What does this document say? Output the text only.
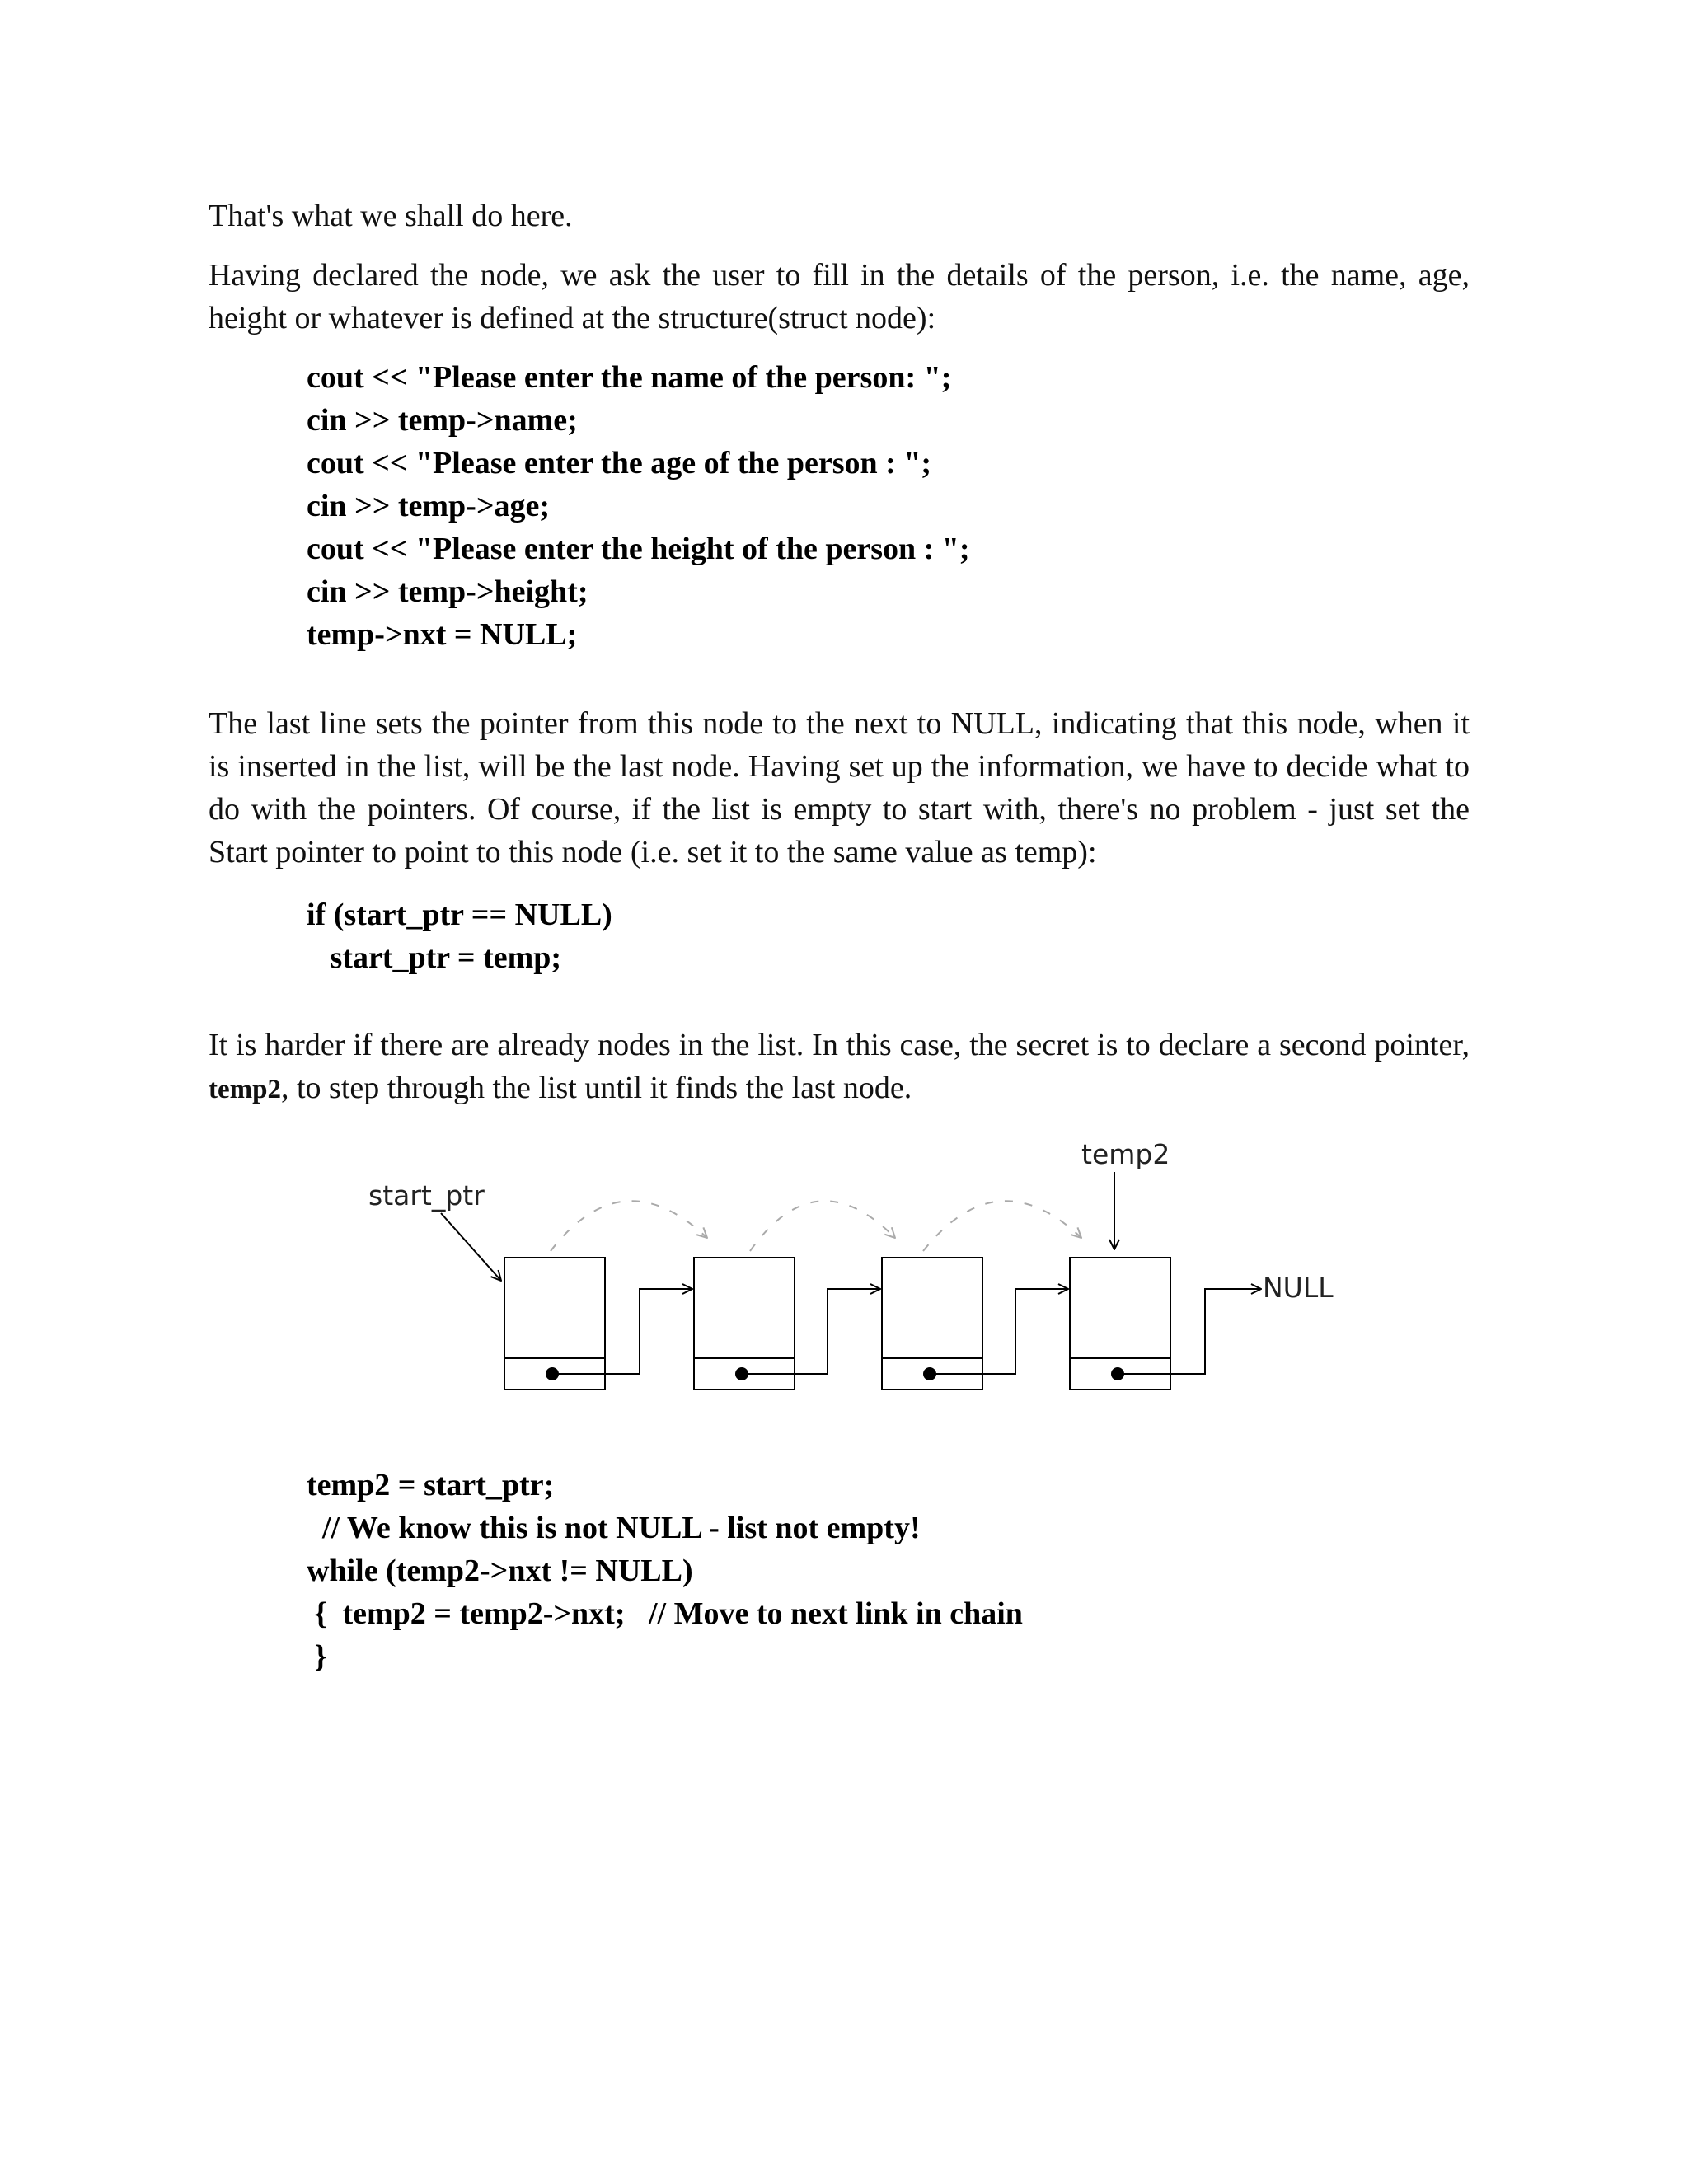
That's what we shall do here.

Having declared the node, we ask the user to fill in the details of the person, i.e. the name, age, height or whatever is defined at the structure(struct node):

cout << "Please enter the name of the person: ";
cin >> temp->name;
cout << "Please enter the age of the person : ";
cin >> temp->age;
cout << "Please enter the height of the person : ";
cin >> temp->height;
temp->nxt = NULL;

The last line sets the pointer from this node to the next to NULL, indicating that this node, when it is inserted in the list, will be the last node. Having set up the information, we have to decide what to do with the pointers. Of course, if the list is empty to start with, there's no problem - just set the Start pointer to point to this node (i.e. set it to the same value as temp):

if (start_ptr == NULL)
start_ptr = temp;

It is harder if there are already nodes in the list. In this case, the secret is to declare a second pointer, temp2, to step through the list until it finds the last node.

start_ptr
temp2
NULL
temp2 = start_ptr;
// We know this is not NULL - list not empty!
while (temp2->nxt != NULL)
{  temp2 = temp2->nxt;   // Move to next link in chain
}
